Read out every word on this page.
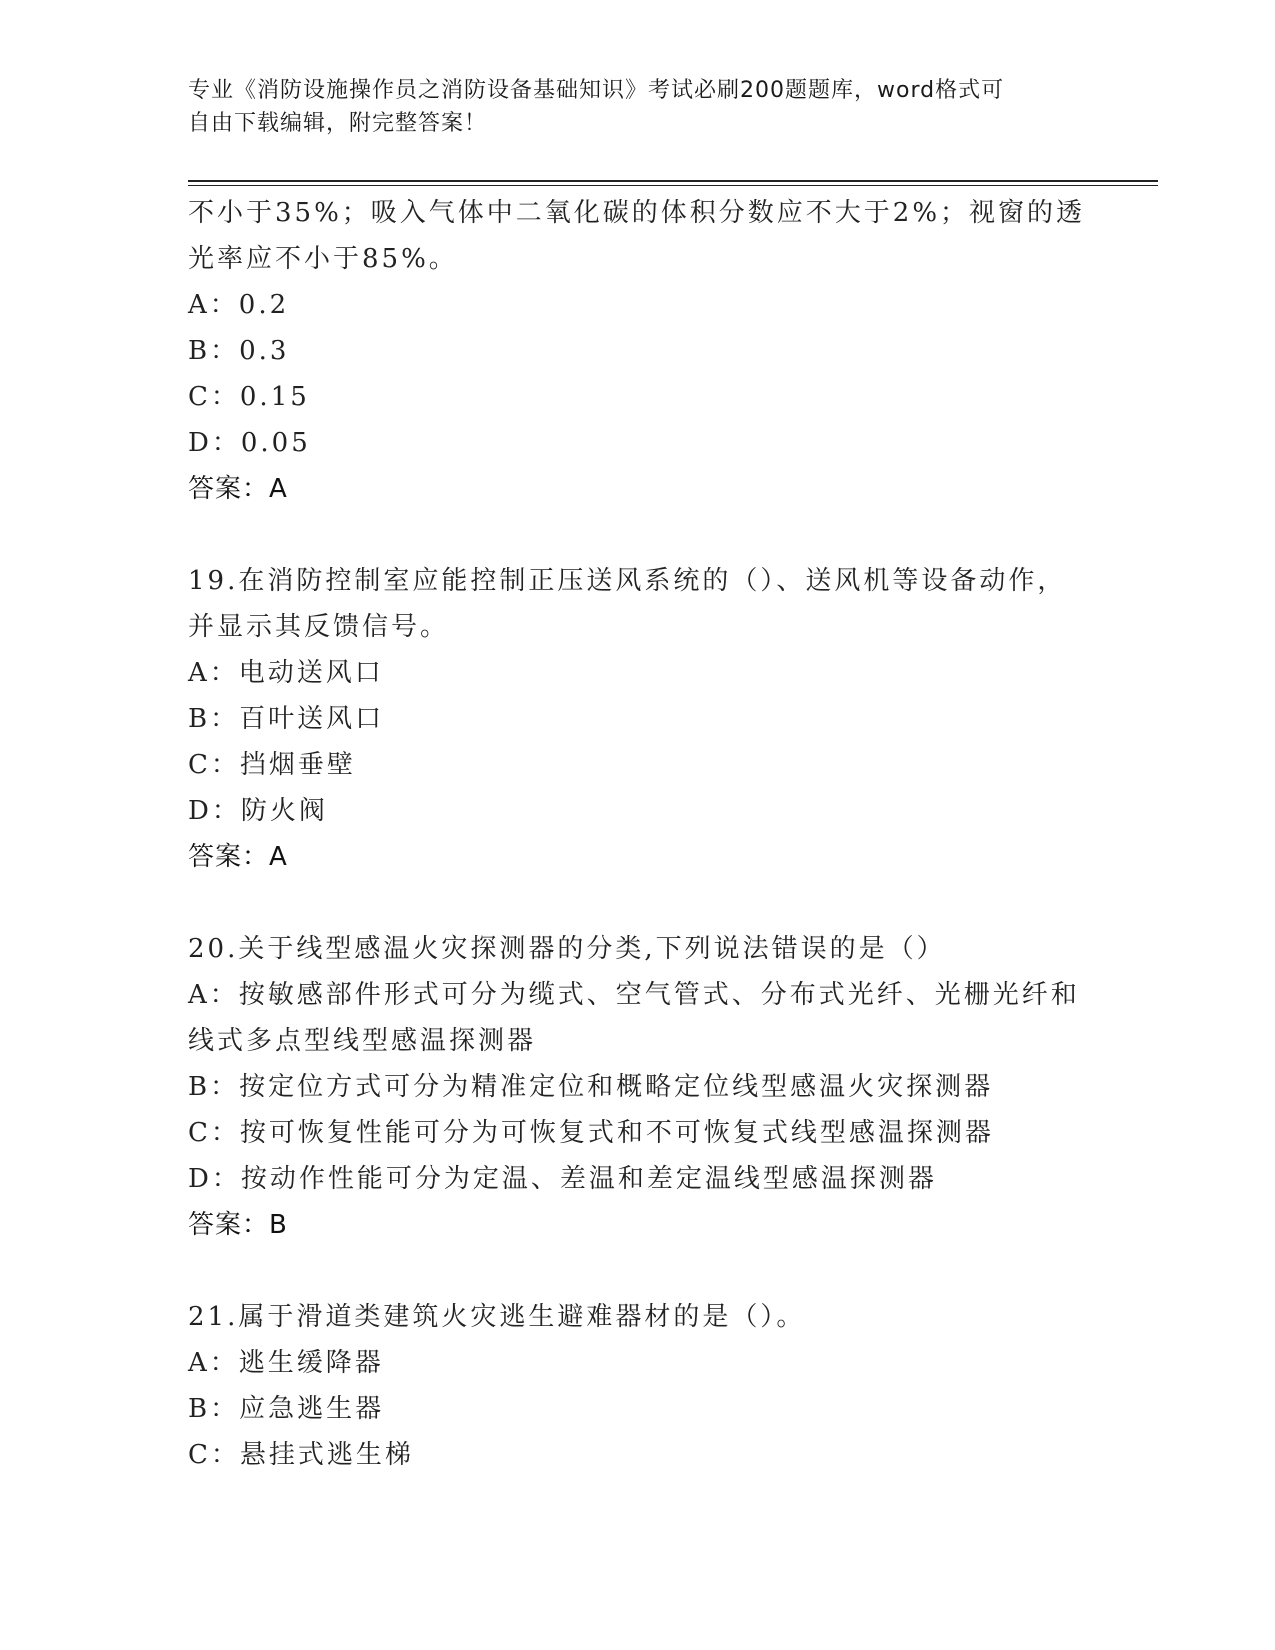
专业《消防设施操作员之消防设备基础知识》考试必刷200题题库，word格式可
自由下载编辑，附完整答案！
不小于35%；吸入气体中二氧化碳的体积分数应不大于2%；视窗的透
光率应不小于85%。
A：0.2
B：0.3
C：0.15
D：0.05
答案：A
19.在消防控制室应能控制正压送风系统的（）、送风机等设备动作，
并显示其反馈信号。
A：电动送风口
B：百叶送风口
C：挡烟垂壁
D：防火阀
答案：A
20.关于线型感温火灾探测器的分类,下列说法错误的是（）
A：按敏感部件形式可分为缆式、空气管式、分布式光纤、光栅光纤和
线式多点型线型感温探测器
B：按定位方式可分为精准定位和概略定位线型感温火灾探测器
C：按可恢复性能可分为可恢复式和不可恢复式线型感温探测器
D：按动作性能可分为定温、差温和差定温线型感温探测器
答案：B
21.属于滑道类建筑火灾逃生避难器材的是（）。
A：逃生缓降器
B：应急逃生器
C：悬挂式逃生梯
